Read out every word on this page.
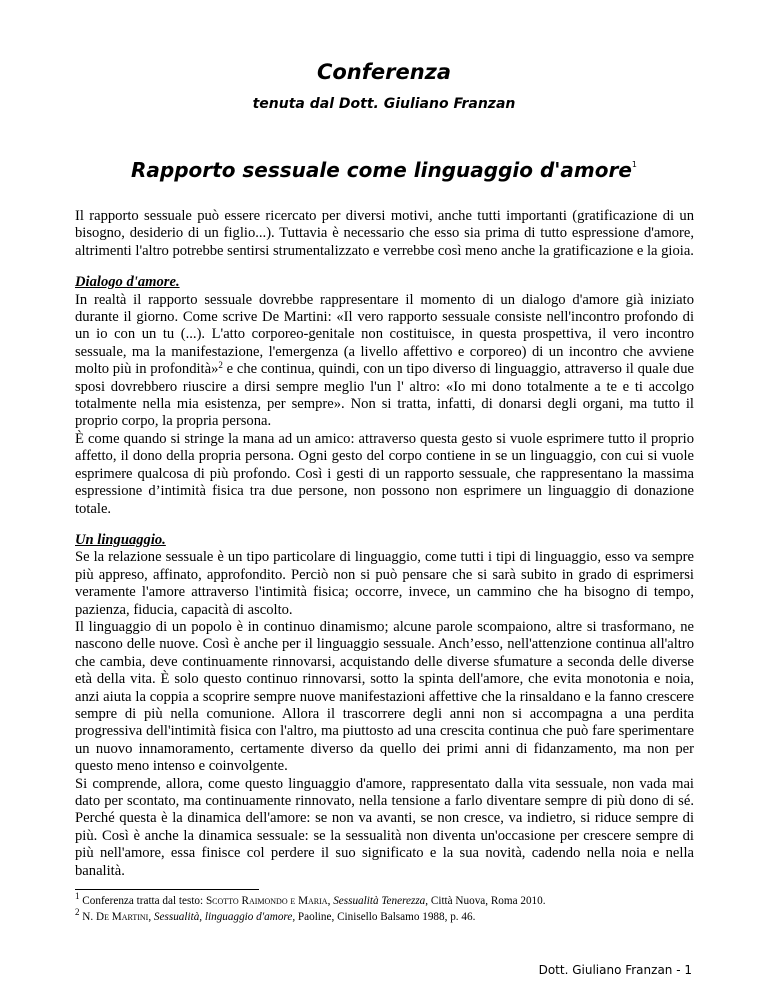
Conferenza
tenuta dal Dott. Giuliano Franzan
Rapporto sessuale come linguaggio d'amore$^1$

Il rapporto sessuale può essere ricercato per diversi motivi, anche tutti importanti (gratificazione di un bisogno, desiderio di un figlio...). Tuttavia è necessario che esso sia prima di tutto espressione d'amore, altrimenti l'altro potrebbe sentirsi strumentalizzato e verrebbe così meno anche la gratificazione e la gioia.

Dialogo d'amore.

In realtà il rapporto sessuale dovrebbe rappresentare il momento di un dialogo d'amore già iniziato durante il giorno. Come scrive De Martini: «Il vero rapporto sessuale consiste nell'incontro profondo di un io con un tu (...). L'atto corporeo-genitale non costituisce, in questa prospettiva, il vero incontro sessuale, ma la manifestazione, l'emergenza (a livello affettivo e corporeo) di un incontro che avviene molto più in profondità»$^2$ e che continua, quindi, con un tipo diverso di linguaggio, attraverso il quale due sposi dovrebbero riuscire a dirsi sempre meglio l'un l' altro: «Io mi dono totalmente a te e ti accolgo totalmente nella mia esistenza, per sempre». Non si tratta, infatti, di donarsi degli organi, ma tutto il proprio corpo, la propria persona.

È come quando si stringe la mana ad un amico: attraverso questa gesto si vuole esprimere tutto il proprio affetto, il dono della propria persona. Ogni gesto del corpo contiene in se un linguaggio, con cui si vuole esprimere qualcosa di più profondo. Così i gesti di un rapporto sessuale, che rappresentano la massima espressione d’intimità fisica tra due persone, non possono non esprimere un linguaggio di donazione totale.

Un linguaggio.

Se la relazione sessuale è un tipo particolare di linguaggio, come tutti i tipi di linguaggio, esso va sempre più appreso, affinato, approfondito. Perciò non si può pensare che si sarà subito in grado di esprimersi veramente l'amore attraverso l'intimità fisica; occorre, invece, un cammino che ha bisogno di tempo, pazienza, fiducia, capacità di ascolto.

Il linguaggio di un popolo è in continuo dinamismo; alcune parole scompaiono, altre si trasformano, ne nascono delle nuove. Così è anche per il linguaggio sessuale. Anch’esso, nell'attenzione continua all'altro che cambia, deve continuamente rinnovarsi, acquistando delle diverse sfumature a seconda delle diverse età della vita. È solo questo continuo rinnovarsi, sotto la spinta dell'amore, che evita monotonia e noia, anzi aiuta la coppia a scoprire sempre nuove manifestazioni affettive che la rinsaldano e la fanno crescere sempre di più nella comunione. Allora il trascorrere degli anni non si accompagna a una perdita progressiva dell'intimità fisica con l'altro, ma piuttosto ad una crescita continua che può fare sperimentare un nuovo innamoramento, certamente diverso da quello dei primi anni di fidanzamento, ma non per questo meno intenso e coinvolgente.

Si comprende, allora, come questo linguaggio d'amore, rappresentato dalla vita sessuale, non vada mai dato per scontato, ma continuamente rinnovato, nella tensione a farlo diventare sempre di più dono di sé. Perché questa è la dinamica dell'amore: se non va avanti, se non cresce, va indietro, si riduce sempre di più. Così è anche la dinamica sessuale: se la sessualità non diventa un'occasione per crescere sempre di più nell'amore, essa finisce col perdere il suo significato e la sua novità, cadendo nella noia e nella banalità.

$^1$ Conferenza tratta dal testo: Scotto Raimondo e Maria, Sessualità Tenerezza, Città Nuova, Roma 2010.
$^2$ N. De Martini, Sessualità, linguaggio d'amore, Paoline, Cinisello Balsamo 1988, p. 46.
Dott. Giuliano Franzan - 1
